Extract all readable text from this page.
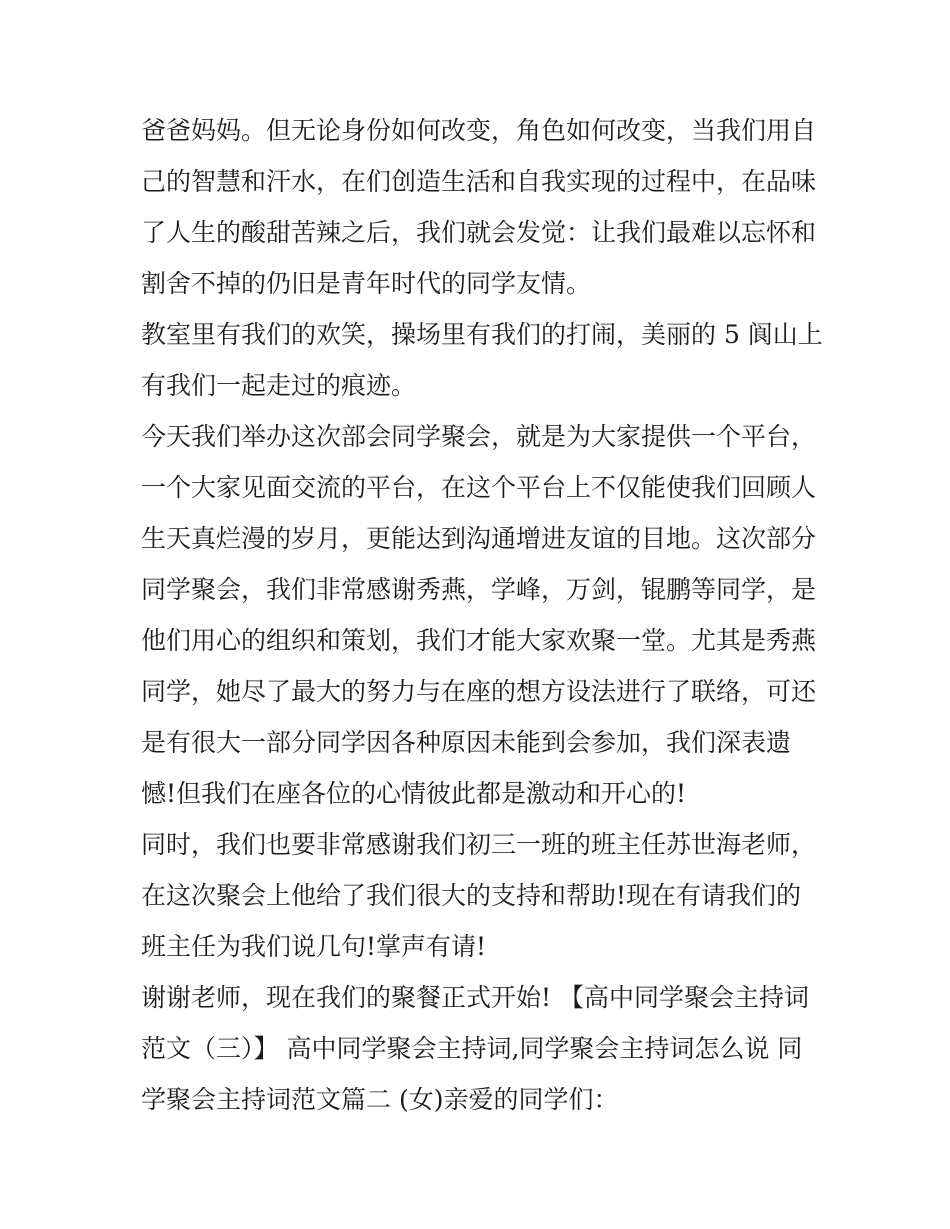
爸爸妈妈。但无论身份如何改变，角色如何改变，当我们用自

己的智慧和汗水，在们创造生活和自我实现的过程中，在品味

了人生的酸甜苦辣之后，我们就会发觉：让我们最难以忘怀和

割舍不掉的仍旧是青年时代的同学友情。

教室里有我们的欢笑，操场里有我们的打闹，美丽的 5 阆山上

有我们一起走过的痕迹。

今天我们举办这次部会同学聚会，就是为大家提供一个平台，

一个大家见面交流的平台，在这个平台上不仅能使我们回顾人

生天真烂漫的岁月，更能达到沟通增进友谊的目地。这次部分

同学聚会，我们非常感谢秀燕，学峰，万剑，锟鹏等同学，是

他们用心的组织和策划，我们才能大家欢聚一堂。尤其是秀燕

同学，她尽了最大的努力与在座的想方设法进行了联络，可还

是有很大一部分同学因各种原因未能到会参加，我们深表遗

憾!但我们在座各位的心情彼此都是激动和开心的!

同时，我们也要非常感谢我们初三一班的班主任苏世海老师，

在这次聚会上他给了我们很大的支持和帮助!现在有请我们的

班主任为我们说几句!掌声有请!

谢谢老师，现在我们的聚餐正式开始! 【高中同学聚会主持词

范文（三）】 高中同学聚会主持词,同学聚会主持词怎么说 同

学聚会主持词范文篇二 (女)亲爱的同学们：
